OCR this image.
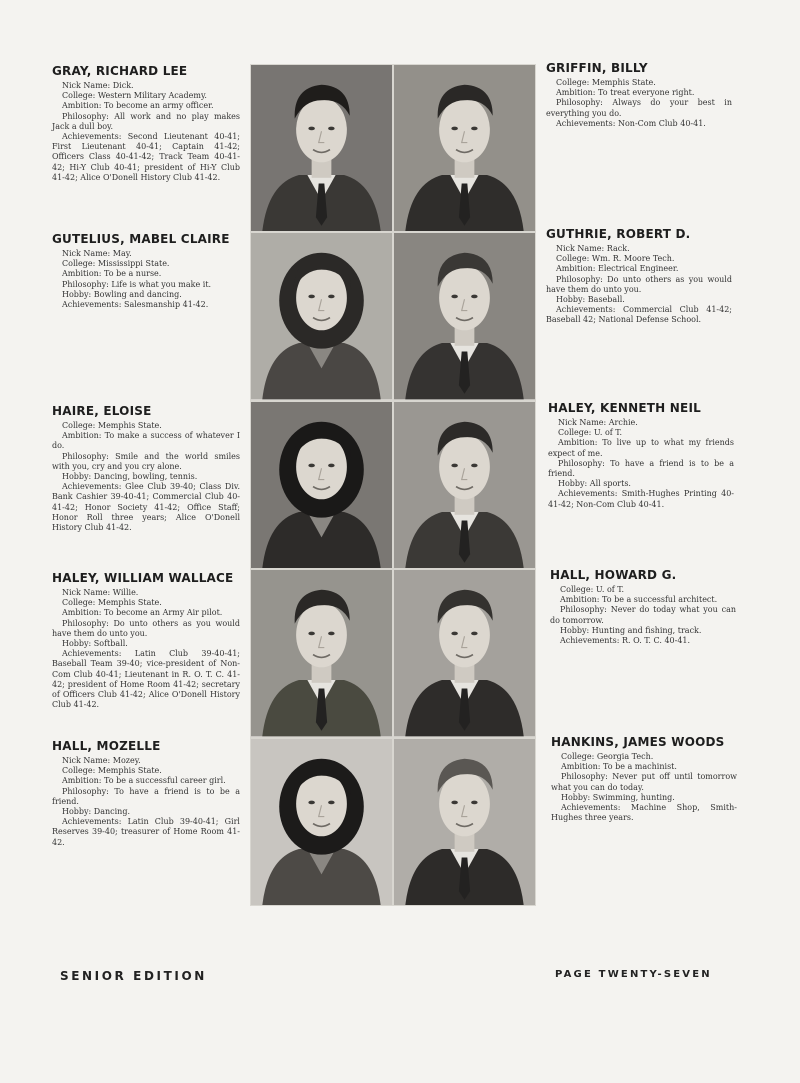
GRAY, RICHARD LEE

Nick Name: Dick.

College: Western Military Academy.

Ambition: To become an army officer.

Philosophy: All work and no play makes Jack a dull boy.

Achievements: Second Lieutenant 40-41; First Lieutenant 40-41; Captain 41-42; Officers Class 40-41-42; Track Team 40-41-42; Hi-Y Club 40-41; president of Hi-Y Club 41-42; Alice O'Donell History Club 41-42.

GUTELIUS, MABEL CLAIRE

Nick Name: May.

College: Mississippi State.

Ambition: To be a nurse.

Philosophy: Life is what you make it.

Hobby: Bowling and dancing.

Achievements: Salesmanship 41-42.

HAIRE, ELOISE

College: Memphis State.

Ambition: To make a success of whatever I do.

Philosophy: Smile and the world smiles with you, cry and you cry alone.

Hobby: Dancing, bowling, tennis.

Achievements: Glee Club 39-40; Class Div. Bank Cashier 39-40-41; Commercial Club 40-41-42; Honor Society 41-42; Office Staff; Honor Roll three years; Alice O'Donell History Club 41-42.

HALEY, WILLIAM WALLACE

Nick Name: Willie.

College: Memphis State.

Ambition: To become an Army Air pilot.

Philosophy: Do unto others as you would have them do unto you.

Hobby: Softball.

Achievements: Latin Club 39-40-41; Baseball Team 39-40; vice-president of Non-Com Club 40-41; Lieutenant in R. O. T. C. 41-42; president of Home Room 41-42; secretary of Officers Club 41-42; Alice O'Donell History Club 41-42.

HALL, MOZELLE

Nick Name: Mozey.

College: Memphis State.

Ambition: To be a successful career girl.

Philosophy: To have a friend is to be a friend.

Hobby: Dancing.

Achievements: Latin Club 39-40-41; Girl Reserves 39-40; treasurer of Home Room 41-42.

GRIFFIN, BILLY

College: Memphis State.

Ambition: To treat everyone right.

Philosophy: Always do your best in everything you do.

Achievements: Non-Com Club 40-41.

GUTHRIE, ROBERT D.

Nick Name: Rack.

College: Wm. R. Moore Tech.

Ambition: Electrical Engineer.

Philosophy: Do unto others as you would have them do unto you.

Hobby: Baseball.

Achievements: Commercial Club 41-42; Baseball 42; National Defense School.

HALEY, KENNETH NEIL

Nick Name: Archie.

College: U. of T.

Ambition: To live up to what my friends expect of me.

Philosophy: To have a friend is to be a friend.

Hobby: All sports.

Achievements: Smith-Hughes Printing 40-41-42; Non-Com Club 40-41.

HALL, HOWARD G.

College: U. of T.

Ambition: To be a successful architect.

Philosophy: Never do today what you can do tomorrow.

Hobby: Hunting and fishing, track.

Achievements: R. O. T. C. 40-41.

HANKINS, JAMES WOODS

College: Georgia Tech.

Ambition: To be a machinist.

Philosophy: Never put off until tomorrow what you can do today.

Hobby: Swimming, hunting.

Achievements: Machine Shop, Smith-Hughes three years.

SENIOR EDITION	PAGE TWENTY-SEVEN
